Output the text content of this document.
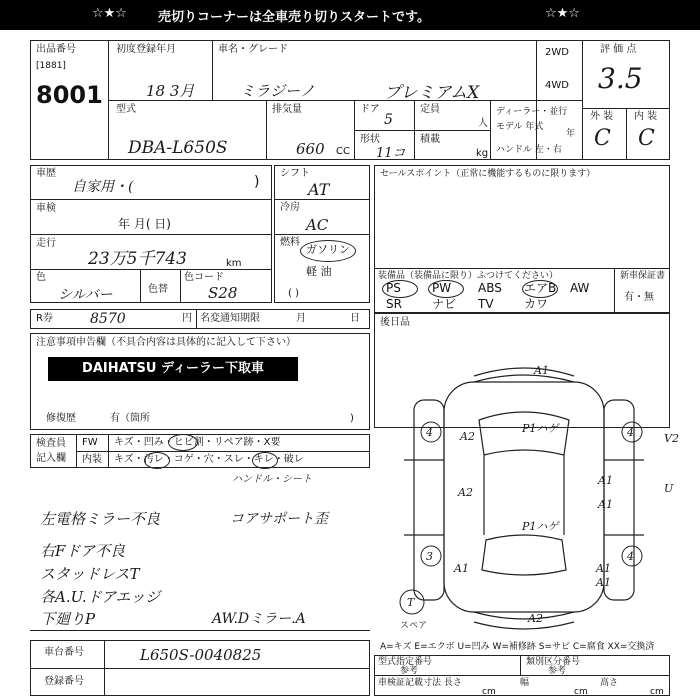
☆★☆ 売切りコーナーは全車売り切りスタートです。	☆★☆
出品番号
[1881]
8001
初度登録年月
18 3月
車名・グレード
ミラジーノ	プレミアムX
2WD
4WD
評 価 点
3.5
型式
DBA-L650S
排気量
660 CC
ドア
5
形状
11コ
定員
人
積載
kg
ディーラー・並行
モデル 年式
年
ハンドル 左・右
外 装 内 装
C C
車歴
自家用・(	)
車検
年 月( 日)
走行
23万5千743	km
色
シルバー	色替
色コード
S28
シフト
AT
冷房
AC
燃料
ガソリン
軽 油
( )
セールスポイント（正常に機能するものに限ります）
装備品（装備品に限り）ふつけてください）	新車保証書
有・無
PS	PW ABS エアB AW
SR	ナビ TV	カワ
R券	8570	円 名変通知期限	月	日 後日品
注意事項申告欄（不具合内容は具体的に記入して下さい）
DAIHATSU ディーラー下取車
修復歴	有（箇所	)
検査員
記入欄
FW キズ・凹み・ヒビ割・リペア跡・X要
内装 キズ・汚レ・コゲ・穴・スレ・キレ・破レ
ハンドル・シート
左電格ミラー不良
右Fドア不良
スタッドレスT
各A.U.ドアエッジ
下廻りP
コアサポート歪
AW.Dミラー.A
車台番号	L650S-0040825
登録番号
A=キズ E=エクボ U=凹み W=補修跡 S=サビ C=腐食 XX=交換済
型式指定番号
参考
類別区分番号
参考
車検証記載寸法 長さ
cm
幅
cm
高さ
cm
A1
A2
P1ハゲ
P1ハゲ
A2
A1
A1
A1
A2
A1
A1
4	4
3	4
V2
U
T
スペア
